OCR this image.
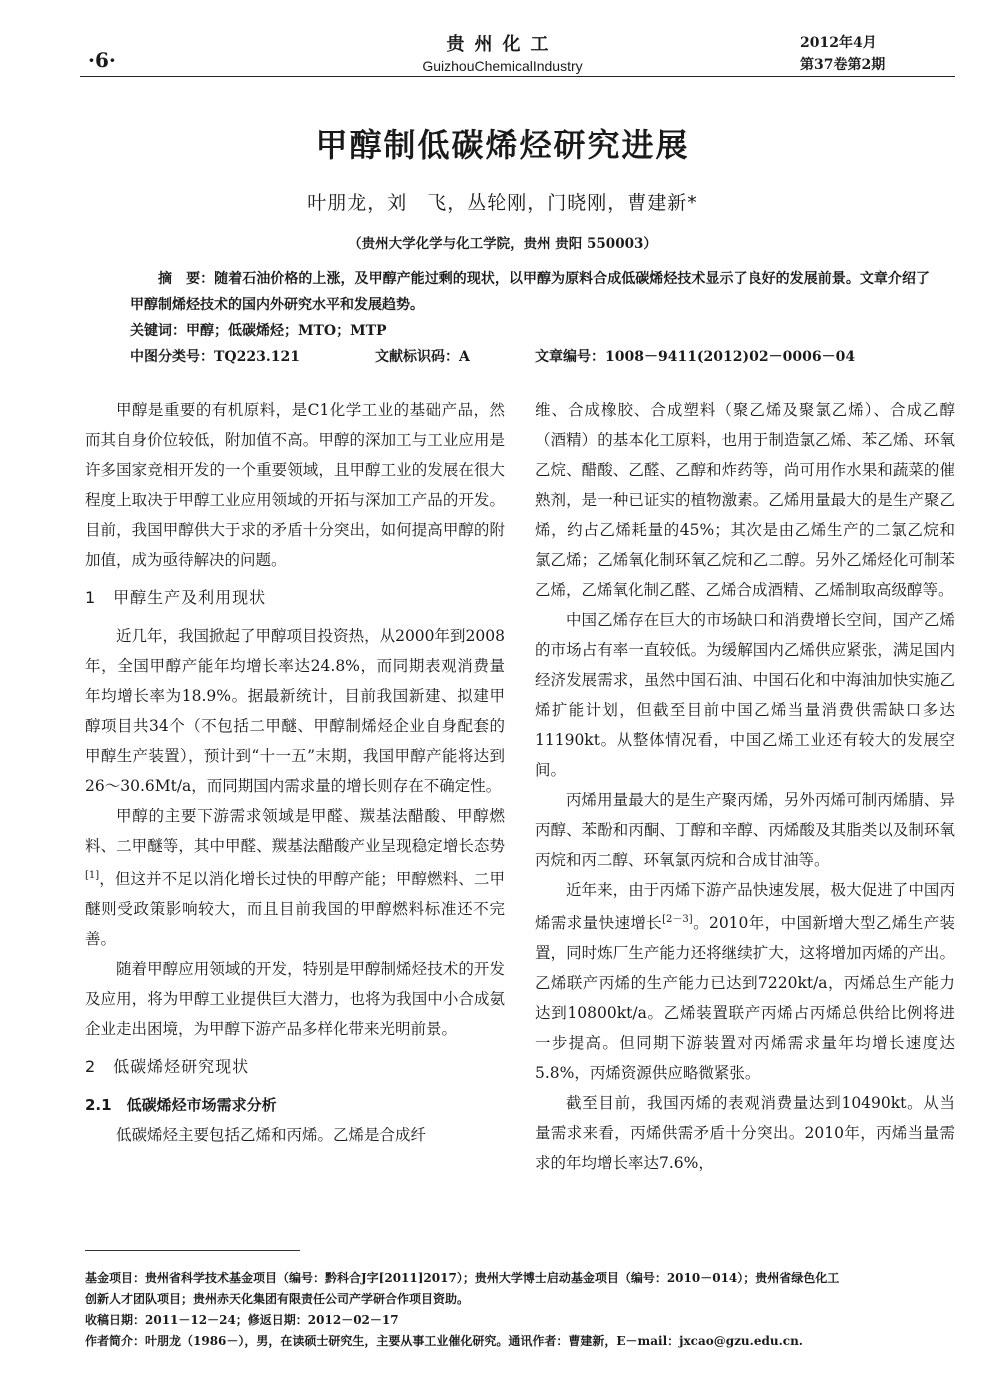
·6·
贵州化工
GuizhouChemicalIndustry
2012年4月
第37卷第2期
甲醇制低碳烯烃研究进展
叶朋龙，刘　飞，丛轮刚，门晓刚，曹建新*
（贵州大学化学与化工学院，贵州 贵阳 550003）

摘　要：随着石油价格的上涨，及甲醇产能过剩的现状，以甲醇为原料合成低碳烯烃技术显示了良好的发展前景。文章介绍了甲醇制烯烃技术的国内外研究水平和发展趋势。

关键词：甲醇；低碳烯烃；MTO；MTP
中图分类号：TQ223.121	文献标识码：A	文章编号：1008－9411(2012)02－0006－04

甲醇是重要的有机原料，是C1化学工业的基础产品，然而其自身价位较低，附加值不高。甲醇的深加工与工业应用是许多国家竞相开发的一个重要领域，且甲醇工业的发展在很大程度上取决于甲醇工业应用领域的开拓与深加工产品的开发。目前，我国甲醇供大于求的矛盾十分突出，如何提高甲醇的附加值，成为亟待解决的问题。

1　甲醇生产及利用现状

近几年，我国掀起了甲醇项目投资热，从2000年到2008年，全国甲醇产能年均增长率达24.8%，而同期表观消费量年均增长率为18.9%。据最新统计，目前我国新建、拟建甲醇项目共34个（不包括二甲醚、甲醇制烯烃企业自身配套的甲醇生产装置），预计到“十一五”末期，我国甲醇产能将达到26～30.6Mt/a，而同期国内需求量的增长则存在不确定性。

甲醇的主要下游需求领域是甲醛、羰基法醋酸、甲醇燃料、二甲醚等，其中甲醛、羰基法醋酸产业呈现稳定增长态势[1]，但这并不足以消化增长过快的甲醇产能；甲醇燃料、二甲醚则受政策影响较大，而且目前我国的甲醇燃料标准还不完善。

随着甲醇应用领域的开发，特别是甲醇制烯烃技术的开发及应用，将为甲醇工业提供巨大潜力，也将为我国中小合成氨企业走出困境，为甲醇下游产品多样化带来光明前景。

2　低碳烯烃研究现状
2.1　低碳烯烃市场需求分析

低碳烯烃主要包括乙烯和丙烯。乙烯是合成纤

维、合成橡胶、合成塑料（聚乙烯及聚氯乙烯）、合成乙醇（酒精）的基本化工原料，也用于制造氯乙烯、苯乙烯、环氧乙烷、醋酸、乙醛、乙醇和炸药等，尚可用作水果和蔬菜的催熟剂，是一种已证实的植物激素。乙烯用量最大的是生产聚乙烯，约占乙烯耗量的45%；其次是由乙烯生产的二氯乙烷和氯乙烯；乙烯氧化制环氧乙烷和乙二醇。另外乙烯烃化可制苯乙烯，乙烯氧化制乙醛、乙烯合成酒精、乙烯制取高级醇等。

中国乙烯存在巨大的市场缺口和消费增长空间，国产乙烯的市场占有率一直较低。为缓解国内乙烯供应紧张，满足国内经济发展需求，虽然中国石油、中国石化和中海油加快实施乙烯扩能计划，但截至目前中国乙烯当量消费供需缺口多达11190kt。从整体情况看，中国乙烯工业还有较大的发展空间。

丙烯用量最大的是生产聚丙烯，另外丙烯可制丙烯腈、异丙醇、苯酚和丙酮、丁醇和辛醇、丙烯酸及其脂类以及制环氧丙烷和丙二醇、环氧氯丙烷和合成甘油等。

近年来，由于丙烯下游产品快速发展，极大促进了中国丙烯需求量快速增长[2－3]。2010年，中国新增大型乙烯生产装置，同时炼厂生产能力还将继续扩大，这将增加丙烯的产出。乙烯联产丙烯的生产能力已达到7220kt/a，丙烯总生产能力达到10800kt/a。乙烯装置联产丙烯占丙烯总供给比例将进一步提高。但同期下游装置对丙烯需求量年均增长速度达5.8%，丙烯资源供应略微紧张。

截至目前，我国丙烯的表观消费量达到10490kt。从当量需求来看，丙烯供需矛盾十分突出。2010年，丙烯当量需求的年均增长率达7.6%，

基金项目：贵州省科学技术基金项目（编号：黔科合J字[2011]2017）；贵州大学博士启动基金项目（编号：2010－014）；贵州省绿色化工
创新人才团队项目；贵州赤天化集团有限责任公司产学研合作项目资助。
收稿日期：2011－12－24；修返日期：2012－02－17
作者简介：叶朋龙（1986－），男，在读硕士研究生，主要从事工业催化研究。通讯作者：曹建新，E－mail：jxcao@gzu.edu.cn.
